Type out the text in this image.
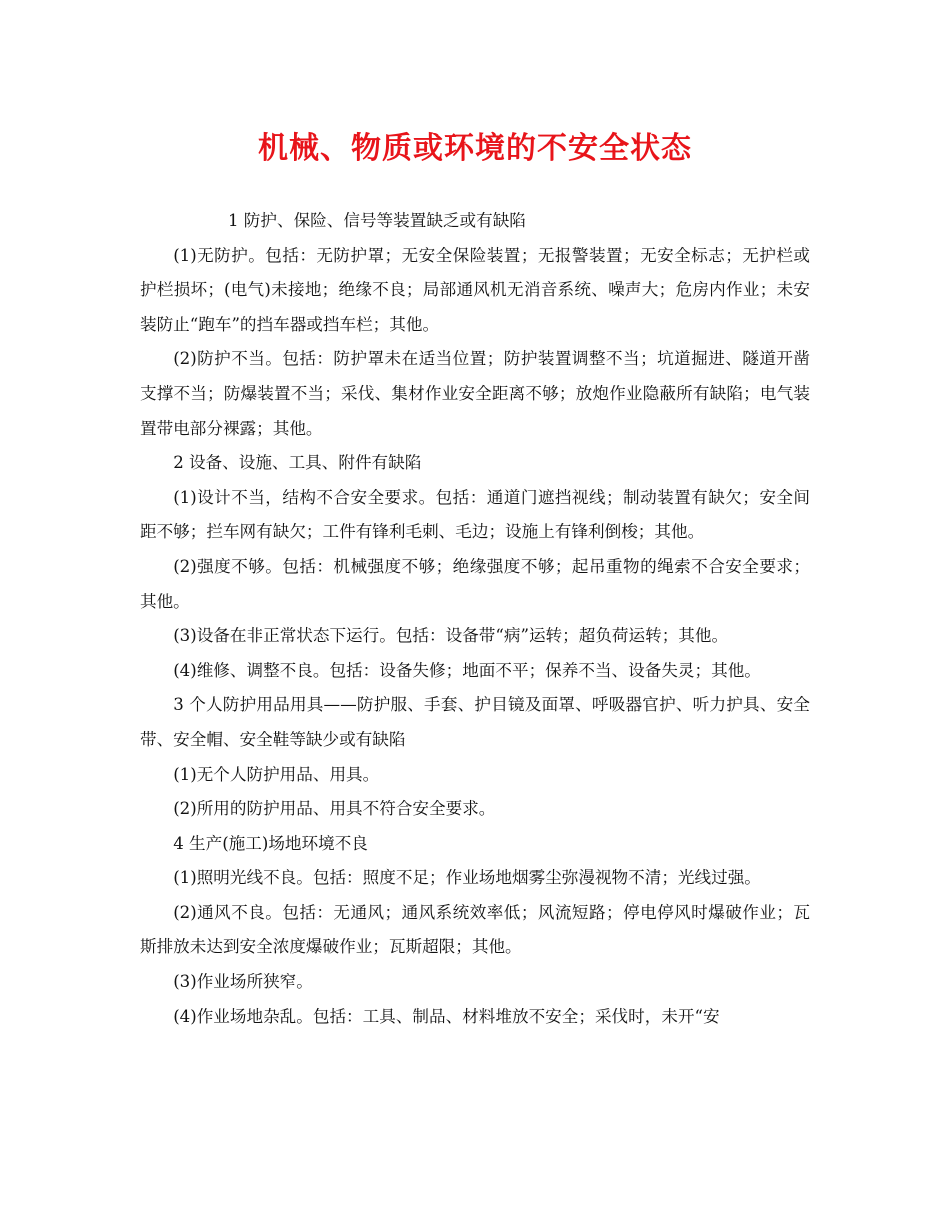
机械、物质或环境的不安全状态

1 防护、保险、信号等装置缺乏或有缺陷

(1)无防护。包括：无防护罩；无安全保险装置；无报警装置；无安全标志；无护栏或护栏损坏；(电气)未接地；绝缘不良；局部通风机无消音系统、噪声大；危房内作业；未安装防止“跑车”的挡车器或挡车栏；其他。

(2)防护不当。包括：防护罩未在适当位置；防护装置调整不当；坑道掘进、隧道开凿支撑不当；防爆装置不当；采伐、集材作业安全距离不够；放炮作业隐蔽所有缺陷；电气装置带电部分裸露；其他。

2 设备、设施、工具、附件有缺陷

(1)设计不当，结构不合安全要求。包括：通道门遮挡视线；制动装置有缺欠；安全间距不够；拦车网有缺欠；工件有锋利毛刺、毛边；设施上有锋利倒梭；其他。

(2)强度不够。包括：机械强度不够；绝缘强度不够；起吊重物的绳索不合安全要求；其他。

(3)设备在非正常状态下运行。包括：设备带“病”运转；超负荷运转；其他。

(4)维修、调整不良。包括：设备失修；地面不平；保养不当、设备失灵；其他。

3 个人防护用品用具——防护服、手套、护目镜及面罩、呼吸器官护、听力护具、安全带、安全帽、安全鞋等缺少或有缺陷

(1)无个人防护用品、用具。

(2)所用的防护用品、用具不符合安全要求。

4 生产(施工)场地环境不良

(1)照明光线不良。包括：照度不足；作业场地烟雾尘弥漫视物不清；光线过强。

(2)通风不良。包括：无通风；通风系统效率低；风流短路；停电停风时爆破作业；瓦斯排放未达到安全浓度爆破作业；瓦斯超限；其他。

(3)作业场所狭窄。

(4)作业场地杂乱。包括：工具、制品、材料堆放不安全；采伐时，未开“安
